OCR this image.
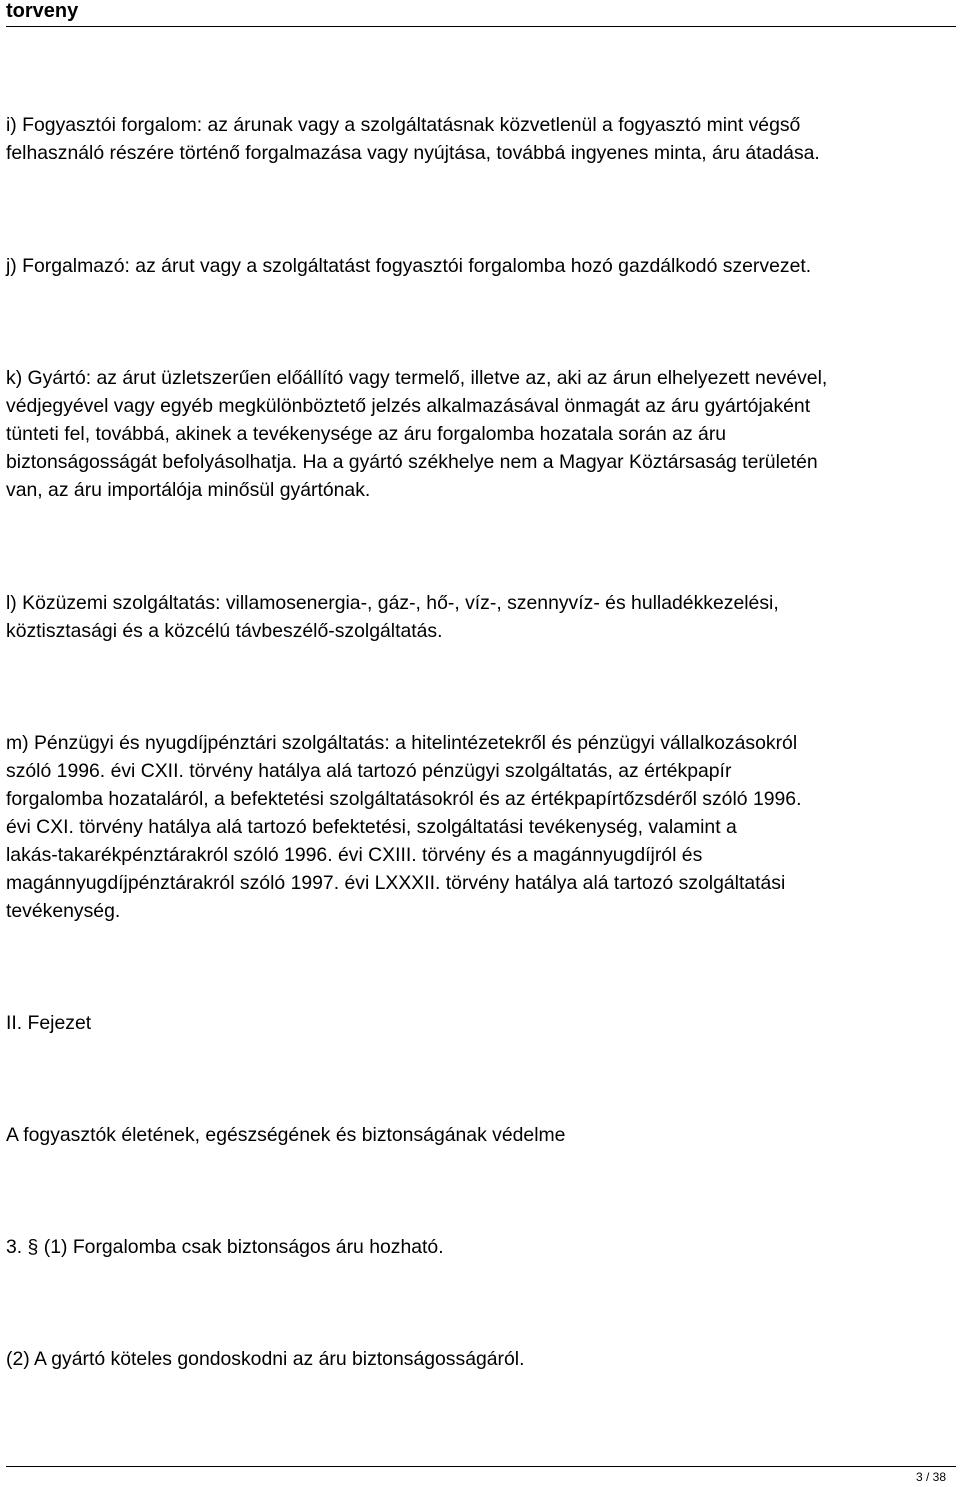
torveny

i) Fogyasztói forgalom: az árunak vagy a szolgáltatásnak közvetlenül a fogyasztó mint végső
felhasználó részére történő forgalmazása vagy nyújtása, továbbá ingyenes minta, áru átadása.

j) Forgalmazó: az árut vagy a szolgáltatást fogyasztói forgalomba hozó gazdálkodó szervezet.

k) Gyártó: az árut üzletszerűen előállító vagy termelő, illetve az, aki az árun elhelyezett nevével,
védjegyével vagy egyéb megkülönböztető jelzés alkalmazásával önmagát az áru gyártójaként
tünteti fel, továbbá, akinek a tevékenysége az áru forgalomba hozatala során az áru
biztonságosságát befolyásolhatja. Ha a gyártó székhelye nem a Magyar Köztársaság területén
van, az áru importálója minősül gyártónak.

l) Közüzemi szolgáltatás: villamosenergia-, gáz-, hő-, víz-, szennyvíz- és hulladékkezelési,
köztisztasági és a közcélú távbeszélő-szolgáltatás.

m) Pénzügyi és nyugdíjpénztári szolgáltatás: a hitelintézetekről és pénzügyi vállalkozásokról
szóló 1996. évi CXII. törvény hatálya alá tartozó pénzügyi szolgáltatás, az értékpapír
forgalomba hozataláról, a befektetési szolgáltatásokról és az értékpapírtőzsdéről szóló 1996.
évi CXI. törvény hatálya alá tartozó befektetési, szolgáltatási tevékenység, valamint a
lakás-takarékpénztárakról szóló 1996. évi CXIII. törvény és a magánnyugdíjról és
magánnyugdíjpénztárakról szóló 1997. évi LXXXII. törvény hatálya alá tartozó szolgáltatási
tevékenység.

II. Fejezet

A fogyasztók életének, egészségének és biztonságának védelme

3. § (1) Forgalomba csak biztonságos áru hozható.

(2) A gyártó köteles gondoskodni az áru biztonságosságáról.

3 / 38
